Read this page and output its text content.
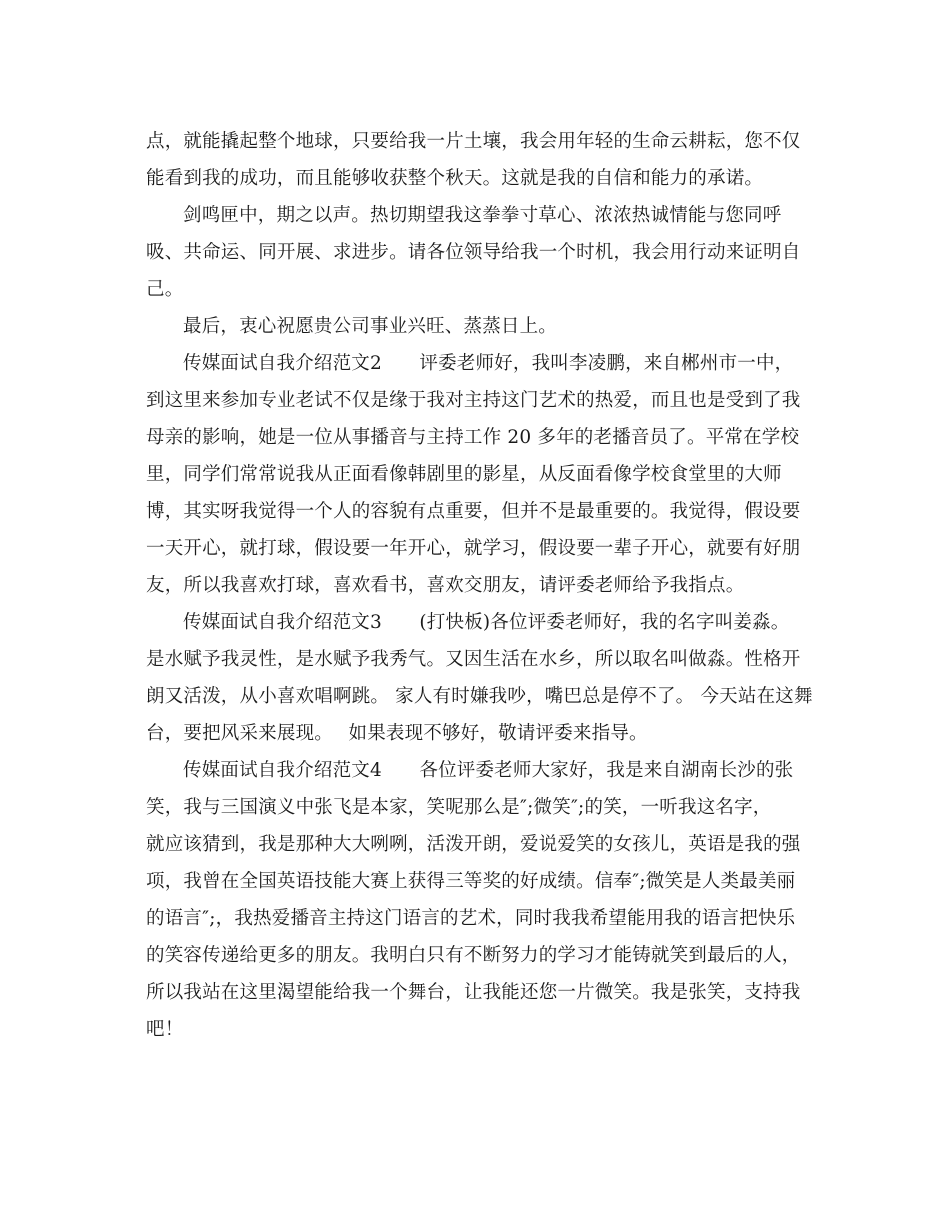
点，就能撬起整个地球，只要给我一片土壤，我会用年轻的生命云耕耘，您不仅
能看到我的成功，而且能够收获整个秋天。这就是我的自信和能力的承诺。
剑鸣匣中，期之以声。热切期望我这拳拳寸草心、浓浓热诚情能与您同呼
吸、共命运、同开展、求进步。请各位领导给我一个时机，我会用行动来证明自
己。
最后，衷心祝愿贵公司事业兴旺、蒸蒸日上。
传媒面试自我介绍范文2　　评委老师好，我叫李凌鹏，来自郴州市一中，
到这里来参加专业老试不仅是缘于我对主持这门艺术的热爱，而且也是受到了我
母亲的影响，她是一位从事播音与主持工作 20 多年的老播音员了。平常在学校
里，同学们常常说我从正面看像韩剧里的影星，从反面看像学校食堂里的大师
博，其实呀我觉得一个人的容貌有点重要，但并不是最重要的。我觉得，假设要
一天开心，就打球，假设要一年开心，就学习，假设要一辈子开心，就要有好朋
友，所以我喜欢打球，喜欢看书，喜欢交朋友，请评委老师给予我指点。
传媒面试自我介绍范文3　　(打快板)各位评委老师好，我的名字叫姜淼。
是水赋予我灵性，是水赋予我秀气。又因生活在水乡，所以取名叫做淼。性格开
朗又活泼，从小喜欢唱啊跳。 家人有时嫌我吵，嘴巴总是停不了。 今天站在这舞
台，要把风采来展现。　 如果表现不够好，敬请评委来指导。
传媒面试自我介绍范文4　　各位评委老师大家好，我是来自湖南长沙的张
笑，我与三国演义中张飞是本家，笑呢那么是″;微笑″;的笑，一听我这名字，
就应该猜到，我是那种大大咧咧，活泼开朗，爱说爱笑的女孩儿，英语是我的强
项，我曾在全国英语技能大赛上获得三等奖的好成绩。信奉″;微笑是人类最美丽
的语言″;，我热爱播音主持这门语言的艺术，同时我我希望能用我的语言把快乐
的笑容传递给更多的朋友。我明白只有不断努力的学习才能铸就笑到最后的人，
所以我站在这里渴望能给我一个舞台，让我能还您一片微笑。我是张笑，支持我
吧！
